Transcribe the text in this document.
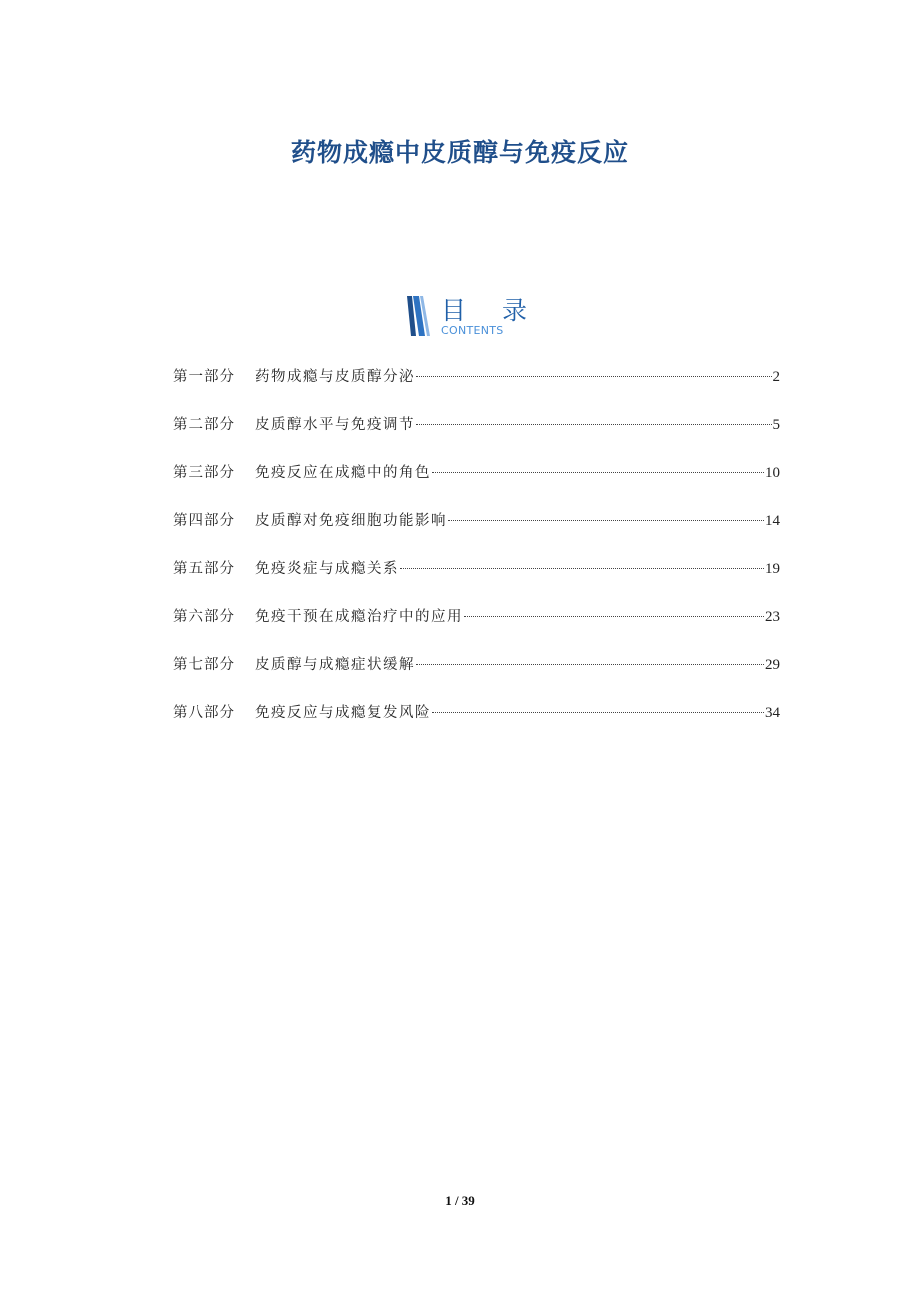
药物成瘾中皮质醇与免疫反应
目 录
CONTENTS
第一部分	药物成瘾与皮质醇分泌	2
第二部分	皮质醇水平与免疫调节	5
第三部分	免疫反应在成瘾中的角色	10
第四部分	皮质醇对免疫细胞功能影响	14
第五部分	免疫炎症与成瘾关系	19
第六部分	免疫干预在成瘾治疗中的应用	23
第七部分	皮质醇与成瘾症状缓解	29
第八部分	免疫反应与成瘾复发风险	34
1 / 39
